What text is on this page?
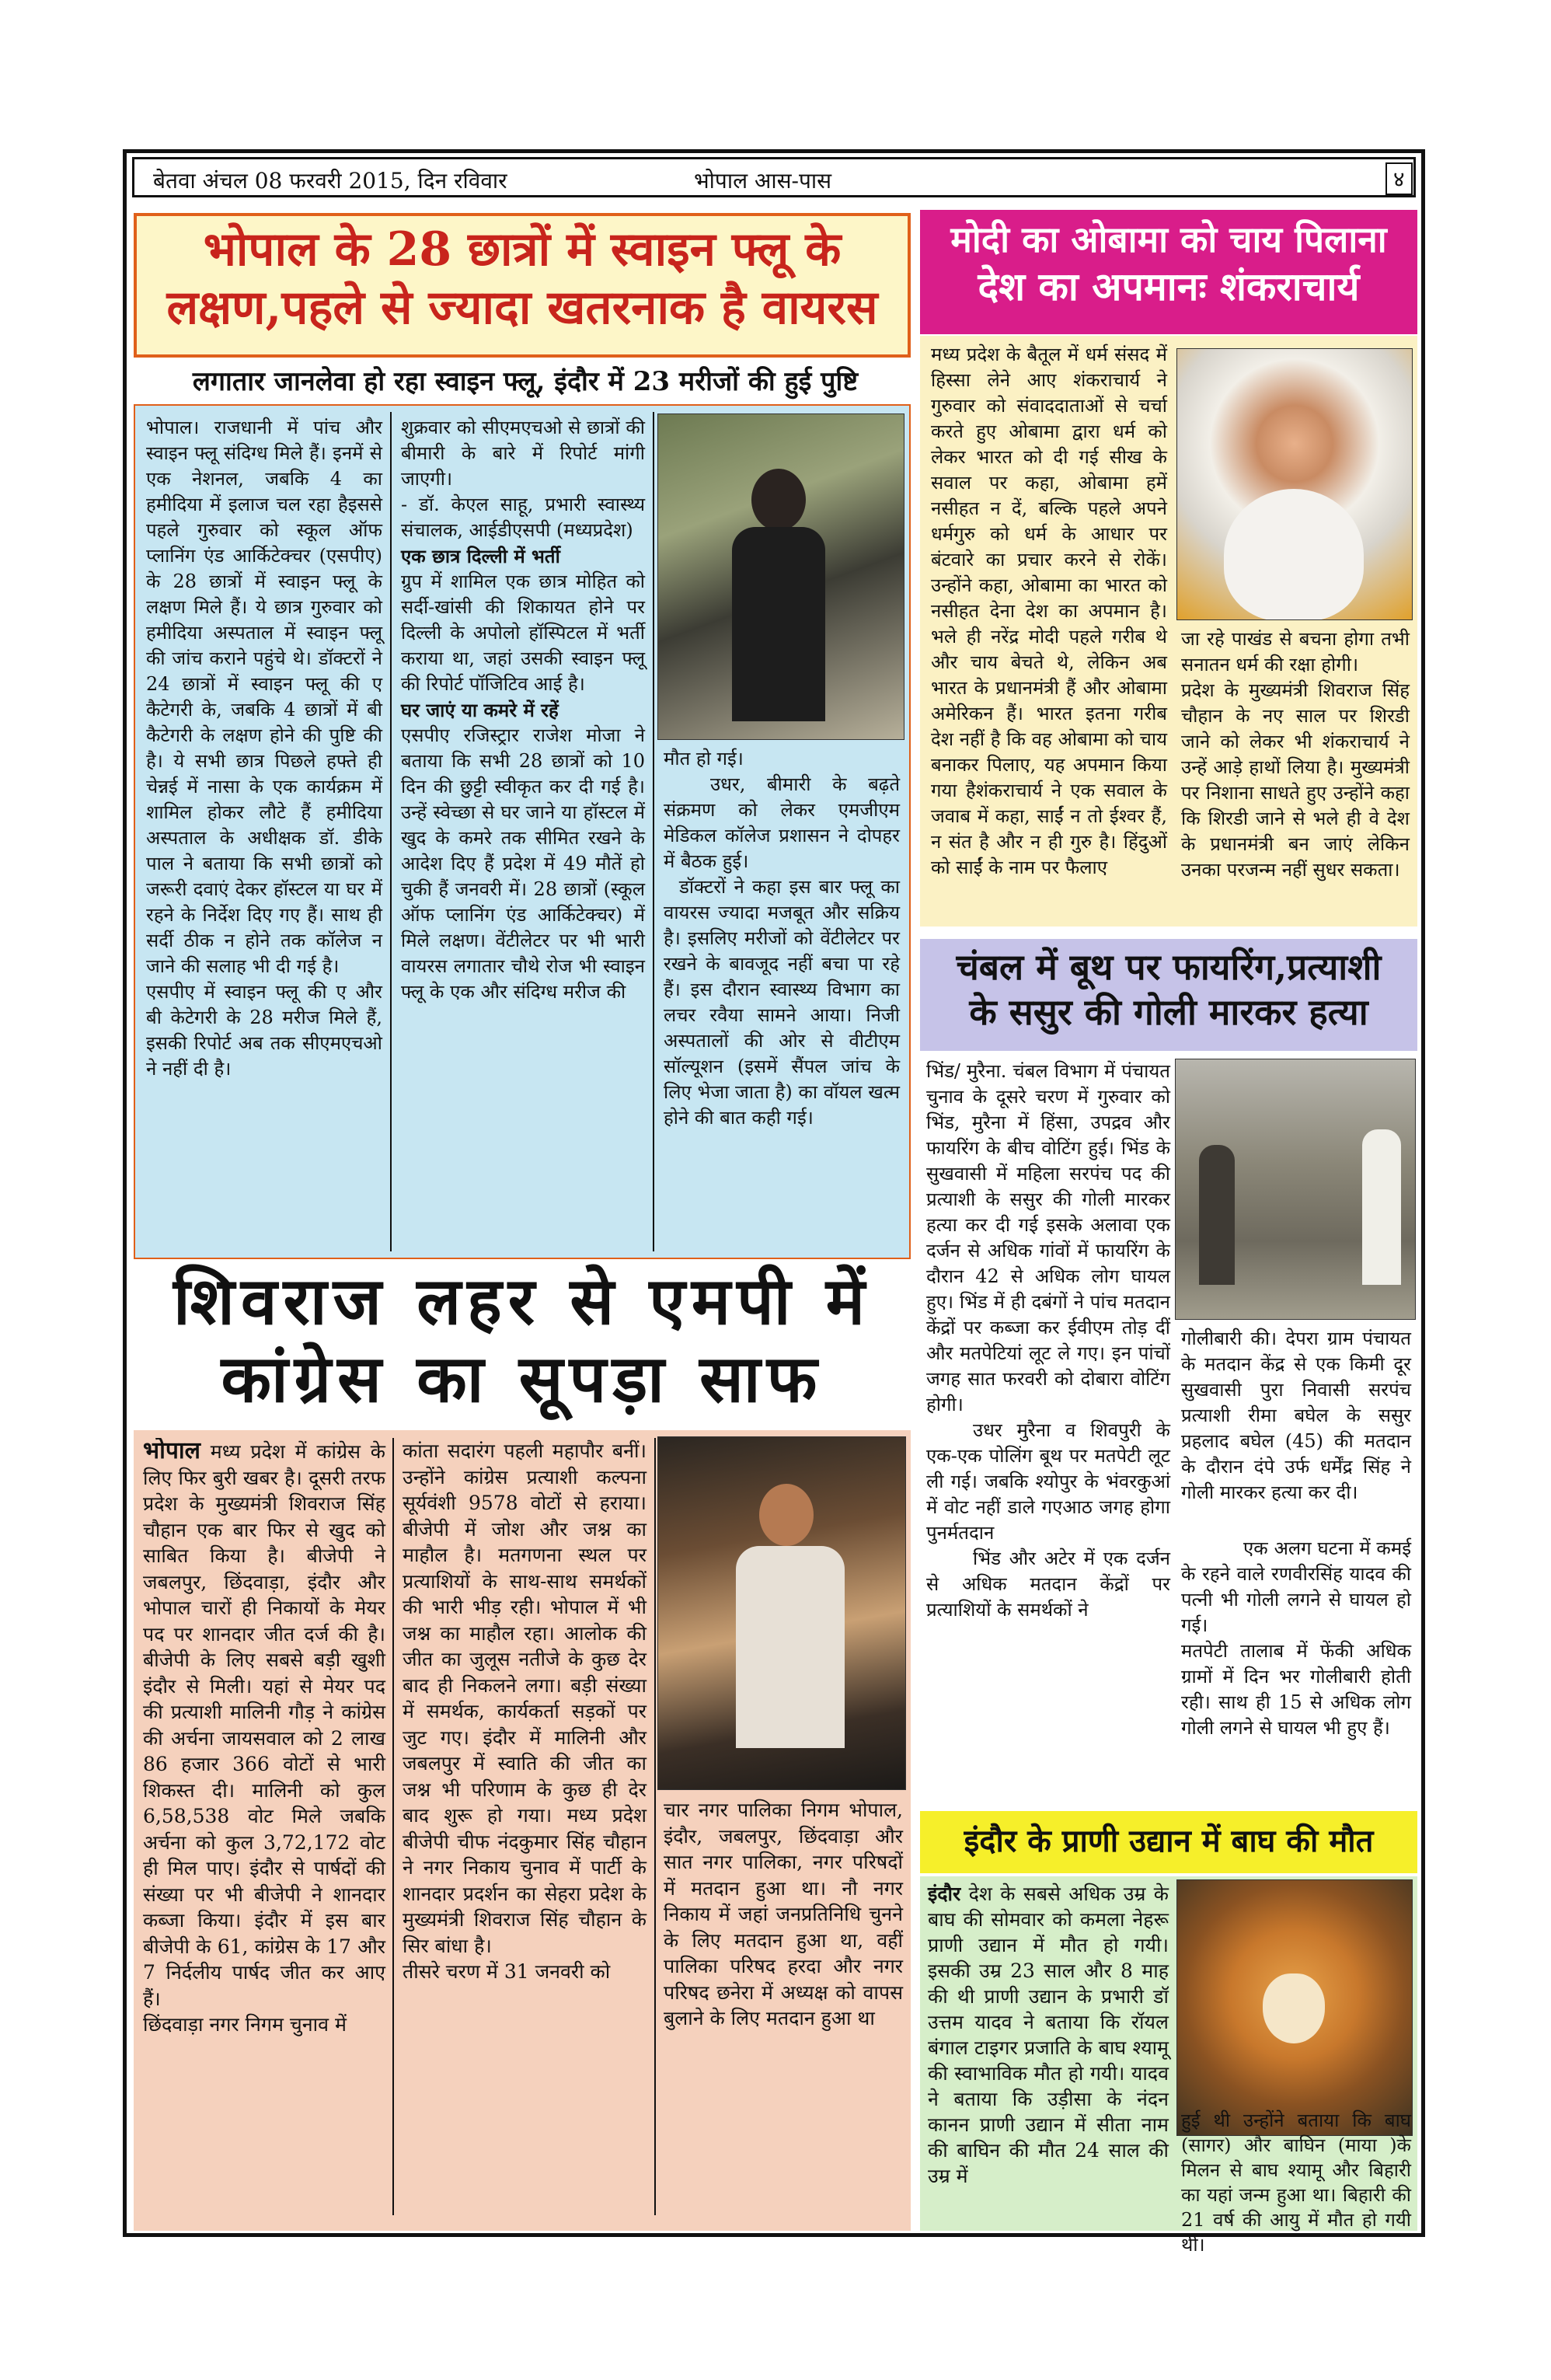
बेतवा अंचल 08 फरवरी 2015, दिन रविवार	भोपाल आस-पास	४
भोपाल के 28 छात्रों में स्वाइन फ्लू के
लक्षण,पहले से ज्यादा खतरनाक है वायरस
लगातार जानलेवा हो रहा स्वाइन फ्लू, इंदौर में 23 मरीजों की हुई पुष्टि

भोपाल। राजधानी में पांच और स्वाइन फ्लू संदिग्ध मिले हैं। इनमें से एक नेशनल, जबकि 4 का हमीदिया में इलाज चल रहा हैइससे पहले गुरुवार को स्कूल ऑफ प्लानिंग एंड आर्किटेक्चर (एसपीए) के 28 छात्रों में स्वाइन फ्लू के लक्षण मिले हैं। ये छात्र गुरुवार को हमीदिया अस्पताल में स्वाइन फ्लू की जांच कराने पहुंचे थे। डॉक्टरों ने 24 छात्रों में स्वाइन फ्लू की ए कैटेगरी के, जबकि 4 छात्रों में बी कैटेगरी के लक्षण होने की पुष्टि की है। ये सभी छात्र पिछले हफ्ते ही चेन्नई में नासा के एक कार्यक्रम में शामिल होकर लौटे हैं हमीदिया अस्पताल के अधीक्षक डॉ. डीके पाल ने बताया कि सभी छात्रों को जरूरी दवाएं देकर हॉस्टल या घर में रहने के निर्देश दिए गए हैं। साथ ही सर्दी ठीक न होने तक कॉलेज न जाने की सलाह भी दी गई है।

एसपीए में स्वाइन फ्लू की ए और बी केटेगरी के 28 मरीज मिले हैं, इसकी रिपोर्ट अब तक सीएमएचओ ने नहीं दी है।

शुक्रवार को सीएमएचओ से छात्रों की बीमारी के बारे में रिपोर्ट मांगी जाएगी।

- डॉ. केएल साहू, प्रभारी स्वास्थ्य संचालक, आईडीएसपी (मध्यप्रदेश)

एक छात्र दिल्ली में भर्ती

ग्रुप में शामिल एक छात्र मोहित को सर्दी-खांसी की शिकायत होने पर दिल्ली के अपोलो हॉस्पिटल में भर्ती कराया था, जहां उसकी स्वाइन फ्लू की रिपोर्ट पॉजिटिव आई है।

घर जाएं या कमरे में रहें

एसपीए रजिस्ट्रार राजेश मोजा ने बताया कि सभी 28 छात्रों को 10 दिन की छुट्टी स्वीकृत कर दी गई है। उन्हें स्वेच्छा से घर जाने या हॉस्टल में खुद के कमरे तक सीमित रखने के आदेश दिए हैं प्रदेश में 49 मौतें हो चुकी हैं जनवरी में। 28 छात्रों (स्कूल ऑफ प्लानिंग एंड आर्किटेक्चर) में मिले लक्षण। वेंटीलेटर पर भी भारी वायरस लगातार चौथे रोज भी स्वाइन फ्लू के एक और संदिग्ध मरीज की

मौत हो गई।

उधर, बीमारी के बढ़ते संक्रमण को लेकर एमजीएम मेडिकल कॉलेज प्रशासन ने दोपहर में बैठक हुई।

डॉक्टरों ने कहा इस बार फ्लू का वायरस ज्यादा मजबूत और सक्रिय है। इसलिए मरीजों को वेंटीलेटर पर रखने के बावजूद नहीं बचा पा रहे हैं। इस दौरान स्वास्थ्य विभाग का लचर रवैया सामने आया। निजी अस्पतालों की ओर से वीटीएम सॉल्यूशन (इसमें सैंपल जांच के लिए भेजा जाता है) का वॉयल खत्म होने की बात कही गई।

मोदी का ओबामा को चाय पिलाना
देश का अपमानः शंकराचार्य

मध्य प्रदेश के बैतूल में धर्म संसद में हिस्सा लेने आए शंकराचार्य ने गुरुवार को संवाददाताओं से चर्चा करते हुए ओबामा द्वारा धर्म को लेकर भारत को दी गई सीख के सवाल पर कहा, ओबामा हमें नसीहत न दें, बल्कि पहले अपने धर्मगुरु को धर्म के आधार पर बंटवारे का प्रचार करने से रोकें। उन्होंने कहा, ओबामा का भारत को नसीहत देना देश का अपमान है। भले ही नरेंद्र मोदी पहले गरीब थे और चाय बेचते थे, लेकिन अब भारत के प्रधानमंत्री हैं और ओबामा अमेरिकन हैं। भारत इतना गरीब देश नहीं है कि वह ओबामा को चाय बनाकर पिलाए, यह अपमान किया गया हैशंकराचार्य ने एक सवाल के जवाब में कहा, साईं न तो ईश्वर हैं, न संत है और न ही गुरु है। हिंदुओं को साईं के नाम पर फैलाए

जा रहे पाखंड से बचना होगा तभी सनातन धर्म की रक्षा होगी।

प्रदेश के मुख्यमंत्री शिवराज सिंह चौहान के नए साल पर शिरडी जाने को लेकर भी शंकराचार्य ने उन्हें आड़े हाथों लिया है। मुख्यमंत्री पर निशाना साधते हुए उन्होंने कहा कि शिरडी जाने से भले ही वे देश के प्रधानमंत्री बन जाएं लेकिन उनका परजन्म नहीं सुधर सकता।

चंबल में बूथ पर फायरिंग,प्रत्याशी
के ससुर की गोली मारकर हत्या

भिंड/ मुरैना. चंबल विभाग में पंचायत चुनाव के दूसरे चरण में गुरुवार को भिंड, मुरैना में हिंसा, उपद्रव और फायरिंग के बीच वोटिंग हुई। भिंड के सुखवासी में महिला सरपंच पद की प्रत्याशी के ससुर की गोली मारकर हत्या कर दी गई इसके अलावा एक दर्जन से अधिक गांवों में फायरिंग के दौरान 42 से अधिक लोग घायल हुए। भिंड में ही दबंगों ने पांच मतदान केंद्रों पर कब्जा कर ईवीएम तोड़ दीं और मतपेटियां लूट ले गए। इन पांचों जगह सात फरवरी को दोबारा वोटिंग होगी।

उधर मुरैना व शिवपुरी के एक-एक पोलिंग बूथ पर मतपेटी लूट ली गई। जबकि श्योपुर के भंवरकुआं में वोट नहीं डाले गएआठ जगह होगा पुनर्मतदान

भिंड और अटेर में एक दर्जन से अधिक मतदान केंद्रों पर प्रत्याशियों के समर्थकों ने

गोलीबारी की। देपरा ग्राम पंचायत के मतदान केंद्र से एक किमी दूर सुखवासी पुरा निवासी सरपंच प्रत्याशी रीमा बघेल के ससुर प्रहलाद बघेल (45) की मतदान के दौरान दंपे उर्फ धर्मेंद्र सिंह ने गोली मारकर हत्या कर दी।

एक अलग घटना में कमई के रहने वाले रणवीरसिंह यादव की पत्नी भी गोली लगने से घायल हो गई।

मतपेटी तालाब में फेंकी अधिक ग्रामों में दिन भर गोलीबारी होती रही। साथ ही 15 से अधिक लोग गोली लगने से घायल भी हुए हैं।

शिवराज लहर से एमपी में
कांग्रेस का सूपड़ा साफ

भोपाल मध्य प्रदेश में कांग्रेस के लिए फिर बुरी खबर है। दूसरी तरफ प्रदेश के मुख्यमंत्री शिवराज सिंह चौहान एक बार फिर से खुद को साबित किया है। बीजेपी ने जबलपुर, छिंदवाड़ा, इंदौर और भोपाल चारों ही निकायों के मेयर पद पर शानदार जीत दर्ज की है। बीजेपी के लिए सबसे बड़ी खुशी इंदौर से मिली। यहां से मेयर पद की प्रत्याशी मालिनी गौड़ ने कांग्रेस की अर्चना जायसवाल को 2 लाख 86 हजार 366 वोटों से भारी शिकस्त दी। मालिनी को कुल 6,58,538 वोट मिले जबकि अर्चना को कुल 3,72,172 वोट ही मिल पाए। इंदौर से पार्षदों की संख्या पर भी बीजेपी ने शानदार कब्जा किया। इंदौर में इस बार बीजेपी के 61, कांग्रेस के 17 और 7 निर्दलीय पार्षद जीत कर आए हैं।

छिंदवाड़ा नगर निगम चुनाव में

कांता सदारंग पहली महापौर बनीं। उन्होंने कांग्रेस प्रत्याशी कल्पना सूर्यवंशी 9578 वोटों से हराया। बीजेपी में जोश और जश्न का माहौल है। मतगणना स्थल पर प्रत्याशियों के साथ-साथ समर्थकों की भारी भीड़ रही। भोपाल में भी जश्न का माहौल रहा। आलोक की जीत का जुलूस नतीजे के कुछ देर बाद ही निकलने लगा। बड़ी संख्या में समर्थक, कार्यकर्ता सड़कों पर जुट गए। इंदौर में मालिनी और जबलपुर में स्वाति की जीत का जश्न भी परिणाम के कुछ ही देर बाद शुरू हो गया। मध्य प्रदेश बीजेपी चीफ नंदकुमार सिंह चौहान ने नगर निकाय चुनाव में पार्टी के शानदार प्रदर्शन का सेहरा प्रदेश के मुख्यमंत्री शिवराज सिंह चौहान के सिर बांधा है।

तीसरे चरण में 31 जनवरी को

चार नगर पालिका निगम भोपाल, इंदौर, जबलपुर, छिंदवाड़ा और सात नगर पालिका, नगर परिषदों में मतदान हुआ था। नौ नगर निकाय में जहां जनप्रतिनिधि चुनने के लिए मतदान हुआ था, वहीं पालिका परिषद हरदा और नगर परिषद छनेरा में अध्यक्ष को वापस बुलाने के लिए मतदान हुआ था

इंदौर के प्राणी उद्यान में बाघ की मौत

इंदौर देश के सबसे अधिक उम्र के बाघ की सोमवार को कमला नेहरू प्राणी उद्यान में मौत हो गयी। इसकी उम्र 23 साल और 8 माह की थी प्राणी उद्यान के प्रभारी डॉ उत्तम यादव ने बताया कि रॉयल बंगाल टाइगर प्रजाति के बाघ श्यामू की स्वाभाविक मौत हो गयी। यादव ने बताया कि उड़ीसा के नंदन कानन प्राणी उद्यान में सीता नाम की बाघिन की मौत 24 साल की उम्र में

हुई थी उन्होंने बताया कि बाघ (सागर) और बाघिन (माया )के मिलन से बाघ श्यामू और बिहारी का यहां जन्म हुआ था। बिहारी की 21 वर्ष की आयु में मौत हो गयी थी।
